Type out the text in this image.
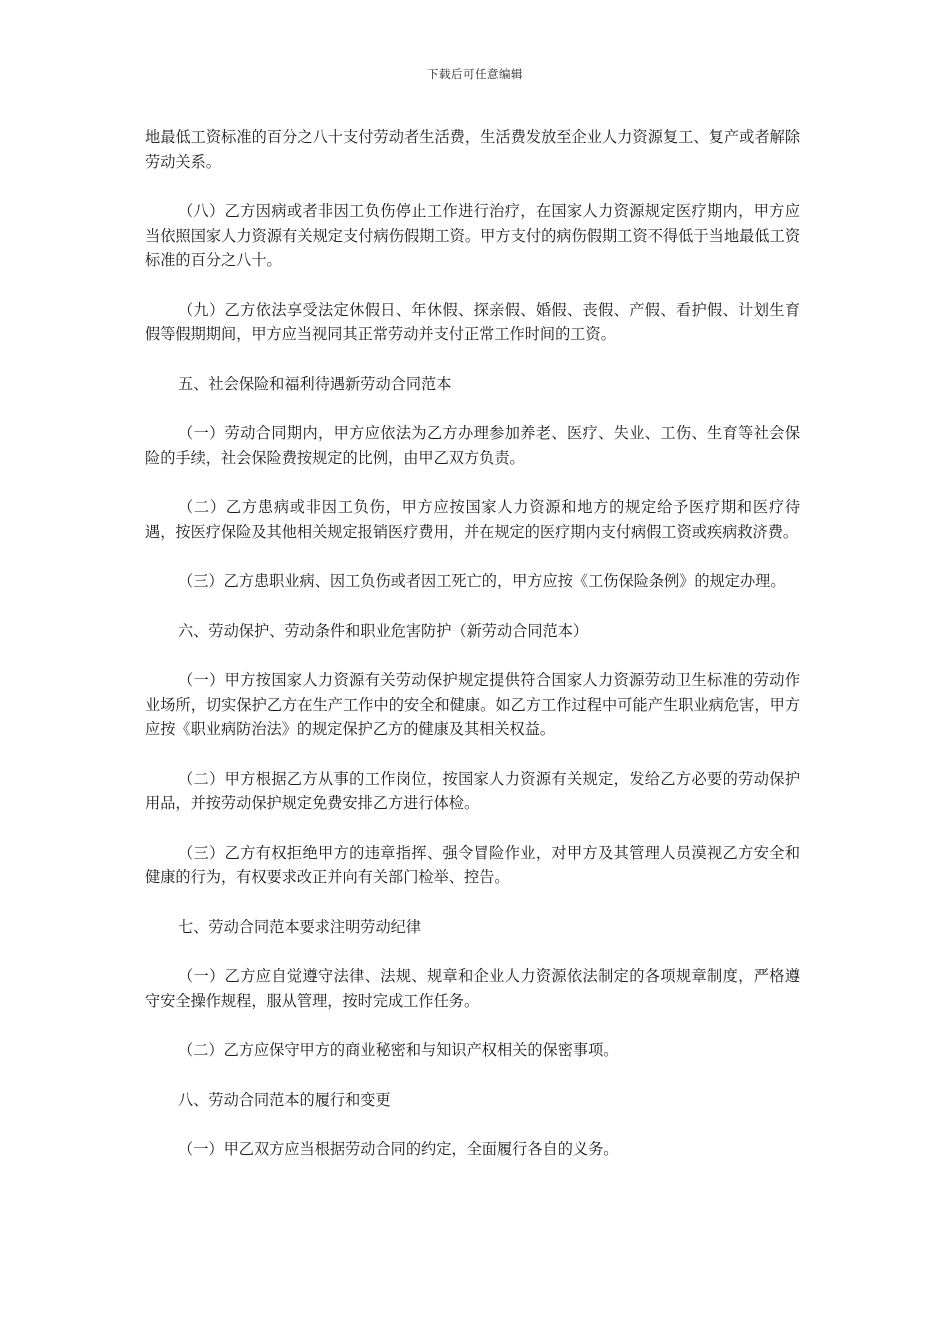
下载后可任意编辑

地最低工资标准的百分之八十支付劳动者生活费，生活费发放至企业人力资源复工、复产或者解除劳动关系。

（八）乙方因病或者非因工负伤停止工作进行治疗，在国家人力资源规定医疗期内，甲方应当依照国家人力资源有关规定支付病伤假期工资。甲方支付的病伤假期工资不得低于当地最低工资标准的百分之八十。

（九）乙方依法享受法定休假日、年休假、探亲假、婚假、丧假、产假、看护假、计划生育假等假期期间，甲方应当视同其正常劳动并支付正常工作时间的工资。

五、社会保险和福利待遇新劳动合同范本

（一）劳动合同期内，甲方应依法为乙方办理参加养老、医疗、失业、工伤、生育等社会保险的手续，社会保险费按规定的比例，由甲乙双方负责。

（二）乙方患病或非因工负伤，甲方应按国家人力资源和地方的规定给予医疗期和医疗待遇，按医疗保险及其他相关规定报销医疗费用，并在规定的医疗期内支付病假工资或疾病救济费。

（三）乙方患职业病、因工负伤或者因工死亡的，甲方应按《工伤保险条例》的规定办理。

六、劳动保护、劳动条件和职业危害防护（新劳动合同范本）

（一）甲方按国家人力资源有关劳动保护规定提供符合国家人力资源劳动卫生标准的劳动作业场所，切实保护乙方在生产工作中的安全和健康。如乙方工作过程中可能产生职业病危害，甲方应按《职业病防治法》的规定保护乙方的健康及其相关权益。

（二）甲方根据乙方从事的工作岗位，按国家人力资源有关规定，发给乙方必要的劳动保护用品，并按劳动保护规定免费安排乙方进行体检。

（三）乙方有权拒绝甲方的违章指挥、强令冒险作业，对甲方及其管理人员漠视乙方安全和健康的行为，有权要求改正并向有关部门检举、控告。

七、劳动合同范本要求注明劳动纪律

（一）乙方应自觉遵守法律、法规、规章和企业人力资源依法制定的各项规章制度，严格遵守安全操作规程，服从管理，按时完成工作任务。

（二）乙方应保守甲方的商业秘密和与知识产权相关的保密事项。

八、劳动合同范本的履行和变更

（一）甲乙双方应当根据劳动合同的约定，全面履行各自的义务。
